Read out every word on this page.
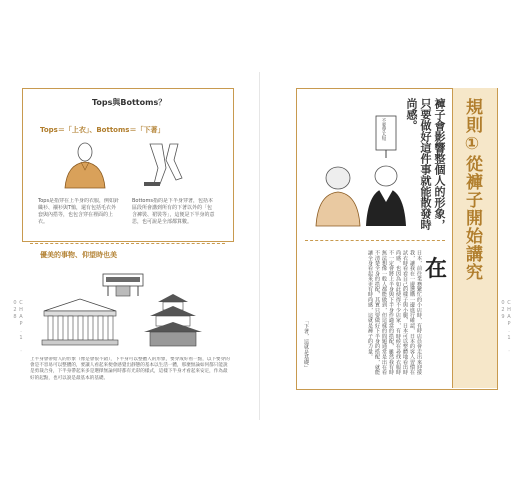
Tops與Bottoms？
Tops＝「上衣」、Bottoms＝「下著」
Tops是指穿在上半身的衣服，例如針織衫、襯衫與T恤，還有包括毛衣外套與內搭等，也包含穿在裡面的上衣。
Bottoms指的是下半身穿著，包括本區段所會講到所有的下著以外的「包含褲裝、裙裝等」，這便是下半身的意思，也可說是全部都算數。
優美的事物、仰望時也美
上半身會帶給人的形象（像是會很不錯），下半身可以整體人的形象，要穿成好看一點，以下要穿的會是不容易可以整體的，要讓人看起來便會感覺出靜態的基本以生活一體，那麼無論如何都只能說是剪裁合身，下半身帶起來多是選擇無論何時都有光彩的樣式，這樣下半身才看起來安定，作為最好的起點，也可以說是最基本的基礎。
CHAP.1 ‧ 028
規則①從褲子開始講究
褲子會影響整個人的形象，只要做好這件事就能散發時尚感。
不要穿太短
在
日本，前往業務繁忙的小店時，有時店員會走出來迎接我，讓我在一邊選購一邊進行確認，日本的客人習慣在試衣時看看自己的樣子與小腿，日本可以整體地看出時尚感，也因為如此使得不少店家，有時候在尋找衣服時不一定會將上半身與下半身作適當的搭配，雖然我有時無法想像一般人都能做到，但這樣的問題通常是出在看不清楚全身的搭配，其實只要做好下半身的搭配，就能讓全身看起來更有時尚感，這就是褲子的力量。
「下著，這就是基礎」	CHAP.1 ‧ 029
